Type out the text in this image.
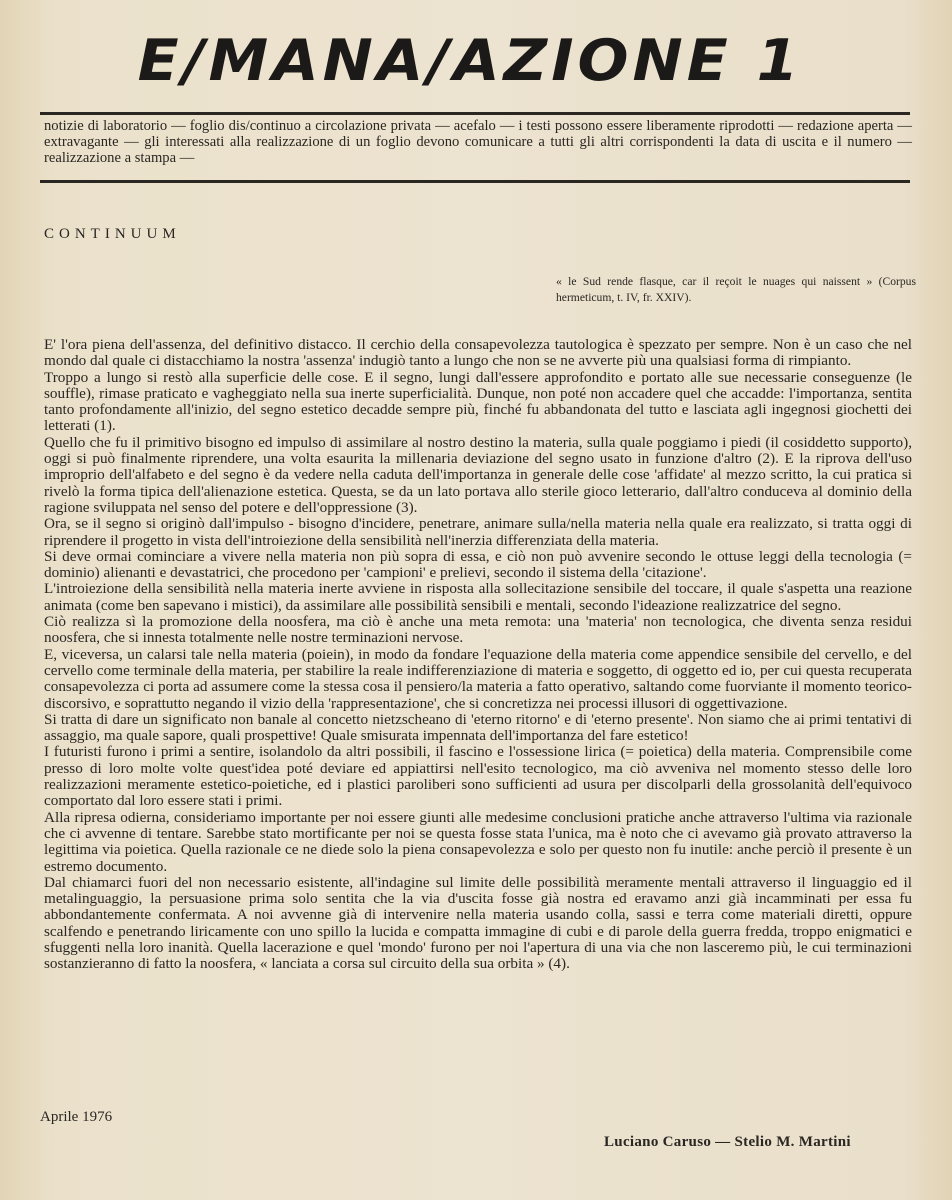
E/MANA/AZIONE 1
notizie di laboratorio — foglio dis/continuo a circolazione privata — acefalo — i testi possono essere liberamente riprodotti — redazione aperta — extravagante — gli interessati alla realizzazione di un foglio devono comunicare a tutti gli altri corrispondenti la data di uscita e il numero — realizzazione a stampa —
CONTINUUM
« le Sud rende flasque, car il reçoit le nuages qui naissent » (Corpus hermeticum, t. IV, fr. XXIV).

E' l'ora piena dell'assenza, del definitivo distacco. Il cerchio della consapevolezza tautologica è spezzato per sempre. Non è un caso che nel mondo dal quale ci distacchiamo la nostra 'assenza' indugiò tanto a lungo che non se ne avverte più una qualsiasi forma di rimpianto.

Troppo a lungo si restò alla superficie delle cose. E il segno, lungi dall'essere approfondito e portato alle sue necessarie conseguenze (le souffle), rimase praticato e vagheggiato nella sua inerte superficialità. Dunque, non poté non accadere quel che accadde: l'importanza, sentita tanto profondamente all'inizio, del segno estetico decadde sempre più, finché fu abbandonata del tutto e lasciata agli ingegnosi giochetti dei letterati (1).

Quello che fu il primitivo bisogno ed impulso di assimilare al nostro destino la materia, sulla quale poggiamo i piedi (il cosiddetto supporto), oggi si può finalmente riprendere, una volta esaurita la millenaria deviazione del segno usato in funzione d'altro (2). E la riprova dell'uso improprio dell'alfabeto e del segno è da vedere nella caduta dell'importanza in generale delle cose 'affidate' al mezzo scritto, la cui pratica si rivelò la forma tipica dell'alienazione estetica. Questa, se da un lato portava allo sterile gioco letterario, dall'altro conduceva al dominio della ragione sviluppata nel senso del potere e dell'oppressione (3).

Ora, se il segno si originò dall'impulso - bisogno d'incidere, penetrare, animare sulla/nella materia nella quale era realizzato, si tratta oggi di riprendere il progetto in vista dell'introiezione della sensibilità nell'inerzia differenziata della materia.

Si deve ormai cominciare a vivere nella materia non più sopra di essa, e ciò non può avvenire secondo le ottuse leggi della tecnologia (= dominio) alienanti e devastatrici, che procedono per 'campioni' e prelievi, secondo il sistema della 'citazione'.

L'introiezione della sensibilità nella materia inerte avviene in risposta alla sollecitazione sensibile del toccare, il quale s'aspetta una reazione animata (come ben sapevano i mistici), da assimilare alle possibilità sensibili e mentali, secondo l'ideazione realizzatrice del segno.

Ciò realizza sì la promozione della noosfera, ma ciò è anche una meta remota: una 'materia' non tecnologica, che diventa senza residui noosfera, che si innesta totalmente nelle nostre terminazioni nervose.

E, viceversa, un calarsi tale nella materia (poiein), in modo da fondare l'equazione della materia come appendice sensibile del cervello, e del cervello come terminale della materia, per stabilire la reale indifferenziazione di materia e soggetto, di oggetto ed io, per cui questa recuperata consapevolezza ci porta ad assumere come la stessa cosa il pensiero/la materia a fatto operativo, saltando come fuorviante il momento teorico-discorsivo, e soprattutto negando il vizio della 'rappresentazione', che si concretizza nei processi illusori di oggettivazione.

Si tratta di dare un significato non banale al concetto nietzscheano di 'eterno ritorno' e di 'eterno presente'. Non siamo che ai primi tentativi di assaggio, ma quale sapore, quali prospettive! Quale smisurata impennata dell'importanza del fare estetico!

I futuristi furono i primi a sentire, isolandolo da altri possibili, il fascino e l'ossessione lirica (= poietica) della materia. Comprensibile come presso di loro molte volte quest'idea poté deviare ed appiattirsi nell'esito tecnologico, ma ciò avveniva nel momento stesso delle loro realizzazioni meramente estetico-poietiche, ed i plastici paroliberi sono sufficienti ad usura per discolparli della grossolanità dell'equivoco comportato dal loro essere stati i primi.

Alla ripresa odierna, consideriamo importante per noi essere giunti alle medesime conclusioni pratiche anche attraverso l'ultima via razionale che ci avvenne di tentare. Sarebbe stato mortificante per noi se questa fosse stata l'unica, ma è noto che ci avevamo già provato attraverso la legittima via poietica. Quella razionale ce ne diede solo la piena consapevolezza e solo per questo non fu inutile: anche perciò il presente è un estremo documento.

Dal chiamarci fuori del non necessario esistente, all'indagine sul limite delle possibilità meramente mentali attraverso il linguaggio ed il metalinguaggio, la persuasione prima solo sentita che la via d'uscita fosse già nostra ed eravamo anzi già incamminati per essa fu abbondantemente confermata. A noi avvenne già di intervenire nella materia usando colla, sassi e terra come materiali diretti, oppure scalfendo e penetrando liricamente con uno spillo la lucida e compatta immagine di cubi e di parole della guerra fredda, troppo enigmatici e sfuggenti nella loro inanità. Quella lacerazione e quel 'mondo' furono per noi l'apertura di una via che non lasceremo più, le cui terminazioni sostanzieranno di fatto la noosfera, « lanciata a corsa sul circuito della sua orbita » (4).

Aprile 1976
Luciano Caruso — Stelio M. Martini
